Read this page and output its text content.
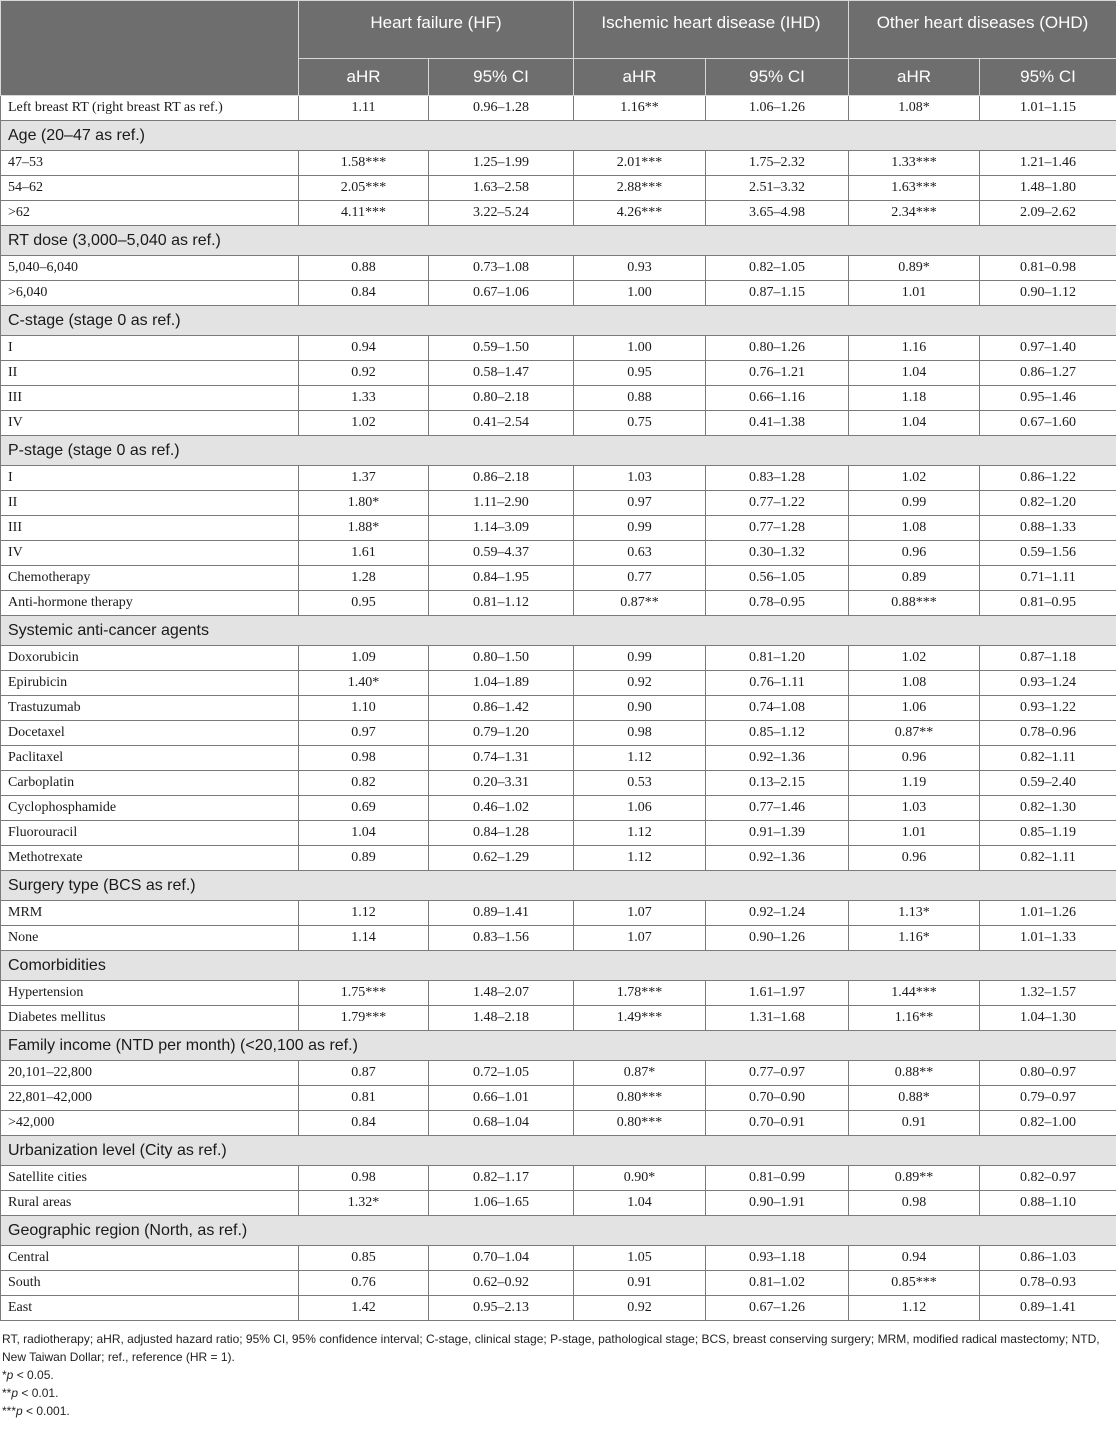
	Heart failure (HF)		Ischemic heart disease (IHD)		Other heart diseases (OHD)	
	aHR	95% CI	aHR	95% CI	aHR	95% CI
Left breast RT (right breast RT as ref.)	1.11	0.96–1.28	1.16**	1.06–1.26	1.08*	1.01–1.15
Age (20–47 as ref.)						
47–53	1.58***	1.25–1.99	2.01***	1.75–2.32	1.33***	1.21–1.46
54–62	2.05***	1.63–2.58	2.88***	2.51–3.32	1.63***	1.48–1.80
>62	4.11***	3.22–5.24	4.26***	3.65–4.98	2.34***	2.09–2.62
RT dose (3,000–5,040 as ref.)						
5,040–6,040	0.88	0.73–1.08	0.93	0.82–1.05	0.89*	0.81–0.98
>6,040	0.84	0.67–1.06	1.00	0.87–1.15	1.01	0.90–1.12
C-stage (stage 0 as ref.)						
I	0.94	0.59–1.50	1.00	0.80–1.26	1.16	0.97–1.40
II	0.92	0.58–1.47	0.95	0.76–1.21	1.04	0.86–1.27
III	1.33	0.80–2.18	0.88	0.66–1.16	1.18	0.95–1.46
IV	1.02	0.41–2.54	0.75	0.41–1.38	1.04	0.67–1.60
P-stage (stage 0 as ref.)						
I	1.37	0.86–2.18	1.03	0.83–1.28	1.02	0.86–1.22
II	1.80*	1.11–2.90	0.97	0.77–1.22	0.99	0.82–1.20
III	1.88*	1.14–3.09	0.99	0.77–1.28	1.08	0.88–1.33
IV	1.61	0.59–4.37	0.63	0.30–1.32	0.96	0.59–1.56
Chemotherapy	1.28	0.84–1.95	0.77	0.56–1.05	0.89	0.71–1.11
Anti-hormone therapy	0.95	0.81–1.12	0.87**	0.78–0.95	0.88***	0.81–0.95
Systemic anti-cancer agents						
Doxorubicin	1.09	0.80–1.50	0.99	0.81–1.20	1.02	0.87–1.18
Epirubicin	1.40*	1.04–1.89	0.92	0.76–1.11	1.08	0.93–1.24
Trastuzumab	1.10	0.86–1.42	0.90	0.74–1.08	1.06	0.93–1.22
Docetaxel	0.97	0.79–1.20	0.98	0.85–1.12	0.87**	0.78–0.96
Paclitaxel	0.98	0.74–1.31	1.12	0.92–1.36	0.96	0.82–1.11
Carboplatin	0.82	0.20–3.31	0.53	0.13–2.15	1.19	0.59–2.40
Cyclophosphamide	0.69	0.46–1.02	1.06	0.77–1.46	1.03	0.82–1.30
Fluorouracil	1.04	0.84–1.28	1.12	0.91–1.39	1.01	0.85–1.19
Methotrexate	0.89	0.62–1.29	1.12	0.92–1.36	0.96	0.82–1.11
Surgery type (BCS as ref.)						
MRM	1.12	0.89–1.41	1.07	0.92–1.24	1.13*	1.01–1.26
None	1.14	0.83–1.56	1.07	0.90–1.26	1.16*	1.01–1.33
Comorbidities						
Hypertension	1.75***	1.48–2.07	1.78***	1.61–1.97	1.44***	1.32–1.57
Diabetes mellitus	1.79***	1.48–2.18	1.49***	1.31–1.68	1.16**	1.04–1.30
Family income (NTD per month) (<20,100 as ref.)						
20,101–22,800	0.87	0.72–1.05	0.87*	0.77–0.97	0.88**	0.80–0.97
22,801–42,000	0.81	0.66–1.01	0.80***	0.70–0.90	0.88*	0.79–0.97
>42,000	0.84	0.68–1.04	0.80***	0.70–0.91	0.91	0.82–1.00
Urbanization level (City as ref.)						
Satellite cities	0.98	0.82–1.17	0.90*	0.81–0.99	0.89**	0.82–0.97
Rural areas	1.32*	1.06–1.65	1.04	0.90–1.91	0.98	0.88–1.10
Geographic region (North, as ref.)						
Central	0.85	0.70–1.04	1.05	0.93–1.18	0.94	0.86–1.03
South	0.76	0.62–0.92	0.91	0.81–1.02	0.85***	0.78–0.93
East	1.42	0.95–2.13	0.92	0.67–1.26	1.12	0.89–1.41

RT, radiotherapy; aHR, adjusted hazard ratio; 95% CI, 95% confidence interval; C-stage, clinical stage; P-stage, pathological stage; BCS, breast conserving surgery; MRM, modified radical mastectomy; NTD, New Taiwan Dollar; ref., reference (HR = 1).

*p < 0.05.

**p < 0.01.

***p < 0.001.
